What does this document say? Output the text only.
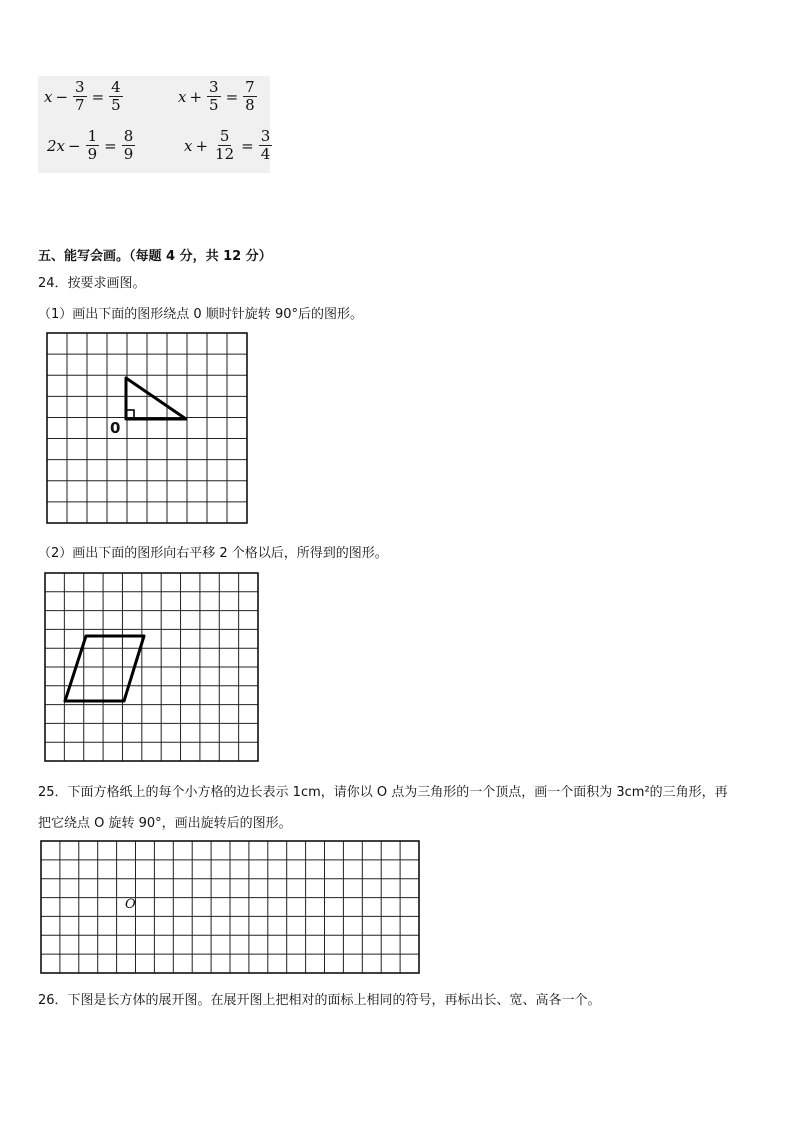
$x - \frac{3}{7} = \frac{4}{5}$	$x + \frac{3}{5} = \frac{7}{8}$
$2x - \frac{1}{9} = \frac{8}{9}$	$x + \frac{5}{12} = \frac{3}{4}$
五、能写会画。（每题 4 分，共 12 分）
24．按要求画图。
（1）画出下面的图形绕点 0 顺时针旋转 90°后的图形。
0
（2）画出下面的图形向右平移 2 个格以后，所得到的图形。
25．下面方格纸上的每个小方格的边长表示 1cm，请你以 O 点为三角形的一个顶点，画一个面积为 3cm²的三角形，再
把它绕点 O 旋转 90°，画出旋转后的图形。
O
26．下图是长方体的展开图。在展开图上把相对的面标上相同的符号，再标出长、宽、高各一个。
